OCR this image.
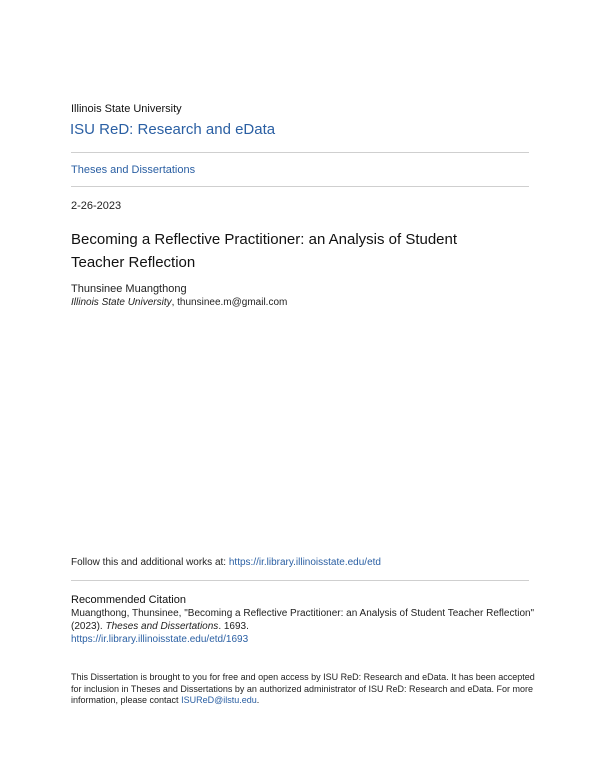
Illinois State University
ISU ReD: Research and eData
Theses and Dissertations
2-26-2023
Becoming a Reflective Practitioner: an Analysis of Student Teacher Reflection
Thunsinee Muangthong
Illinois State University, thunsinee.m@gmail.com
Follow this and additional works at: https://ir.library.illinoisstate.edu/etd
Recommended Citation
Muangthong, Thunsinee, "Becoming a Reflective Practitioner: an Analysis of Student Teacher Reflection" (2023). Theses and Dissertations. 1693.
https://ir.library.illinoisstate.edu/etd/1693
This Dissertation is brought to you for free and open access by ISU ReD: Research and eData. It has been accepted for inclusion in Theses and Dissertations by an authorized administrator of ISU ReD: Research and eData. For more information, please contact ISUReD@ilstu.edu.
